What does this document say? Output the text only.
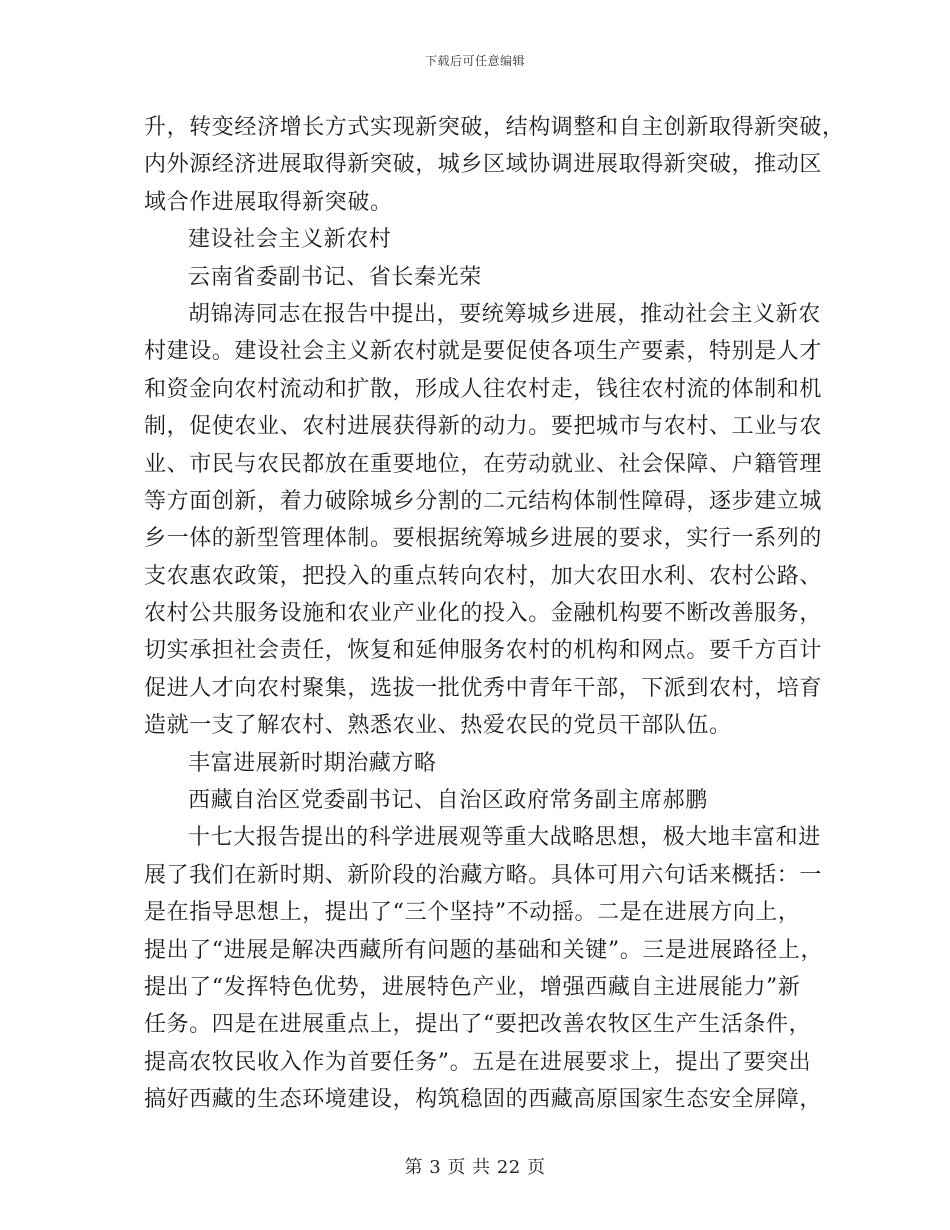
下载后可任意编辑
升，转变经济增长方式实现新突破，结构调整和自主创新取得新突破，
内外源经济进展取得新突破，城乡区域协调进展取得新突破，推动区
域合作进展取得新突破。
建设社会主义新农村
云南省委副书记、省长秦光荣
胡锦涛同志在报告中提出，要统筹城乡进展，推动社会主义新农
村建设。建设社会主义新农村就是要促使各项生产要素，特别是人才
和资金向农村流动和扩散，形成人往农村走，钱往农村流的体制和机
制，促使农业、农村进展获得新的动力。要把城市与农村、工业与农
业、市民与农民都放在重要地位，在劳动就业、社会保障、户籍管理
等方面创新，着力破除城乡分割的二元结构体制性障碍，逐步建立城
乡一体的新型管理体制。要根据统筹城乡进展的要求，实行一系列的
支农惠农政策，把投入的重点转向农村，加大农田水利、农村公路、
农村公共服务设施和农业产业化的投入。金融机构要不断改善服务，
切实承担社会责任，恢复和延伸服务农村的机构和网点。要千方百计
促进人才向农村聚集，选拔一批优秀中青年干部，下派到农村，培育
造就一支了解农村、熟悉农业、热爱农民的党员干部队伍。
丰富进展新时期治藏方略
西藏自治区党委副书记、自治区政府常务副主席郝鹏
十七大报告提出的科学进展观等重大战略思想，极大地丰富和进
展了我们在新时期、新阶段的治藏方略。具体可用六句话来概括：一
是在指导思想上，提出了“三个坚持”不动摇。二是在进展方向上，
提出了“进展是解决西藏所有问题的基础和关键”。三是进展路径上，
提出了“发挥特色优势，进展特色产业，增强西藏自主进展能力”新
任务。四是在进展重点上，提出了“要把改善农牧区生产生活条件，
提高农牧民收入作为首要任务”。五是在进展要求上，提出了要突出
搞好西藏的生态环境建设，构筑稳固的西藏高原国家生态安全屏障，
第 3 页 共 22 页
